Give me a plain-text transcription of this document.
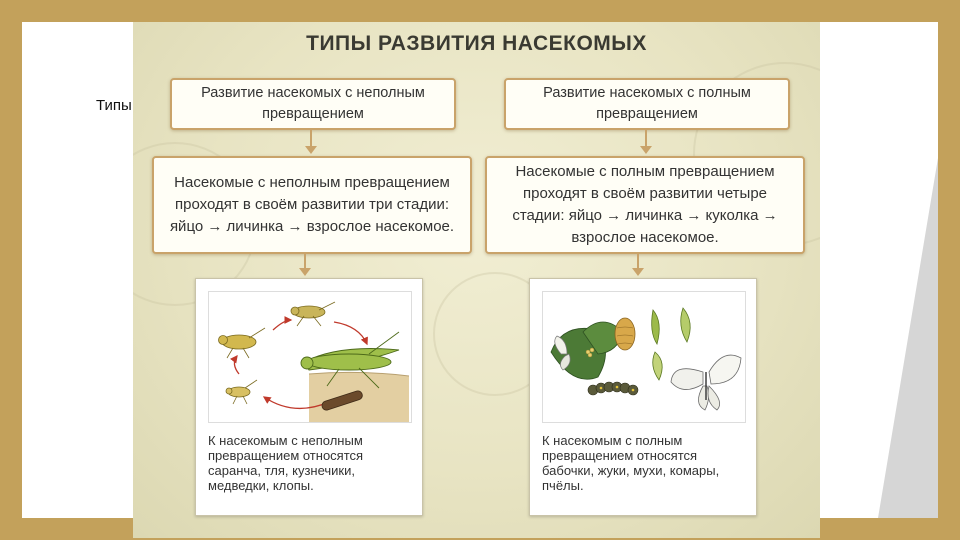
Типы
ТИПЫ РАЗВИТИЯ НАСЕКОМЫХ
Развитие насекомых с неполным превращением
Насекомые с неполным превращением проходят в своём развитии три стадии: яйцо → личинка → взрослое насекомое.
К насекомым с неполным превращением относятся саранча, тля, кузнечики, медведки, клопы.
Развитие насекомых с полным превращением
Насекомые с полным превращением проходят в своём развитии четыре стадии: яйцо → личинка → куколка → взрослое насекомое.
К насекомым с полным превращением относятся бабочки, жуки, мухи, комары, пчёлы.
